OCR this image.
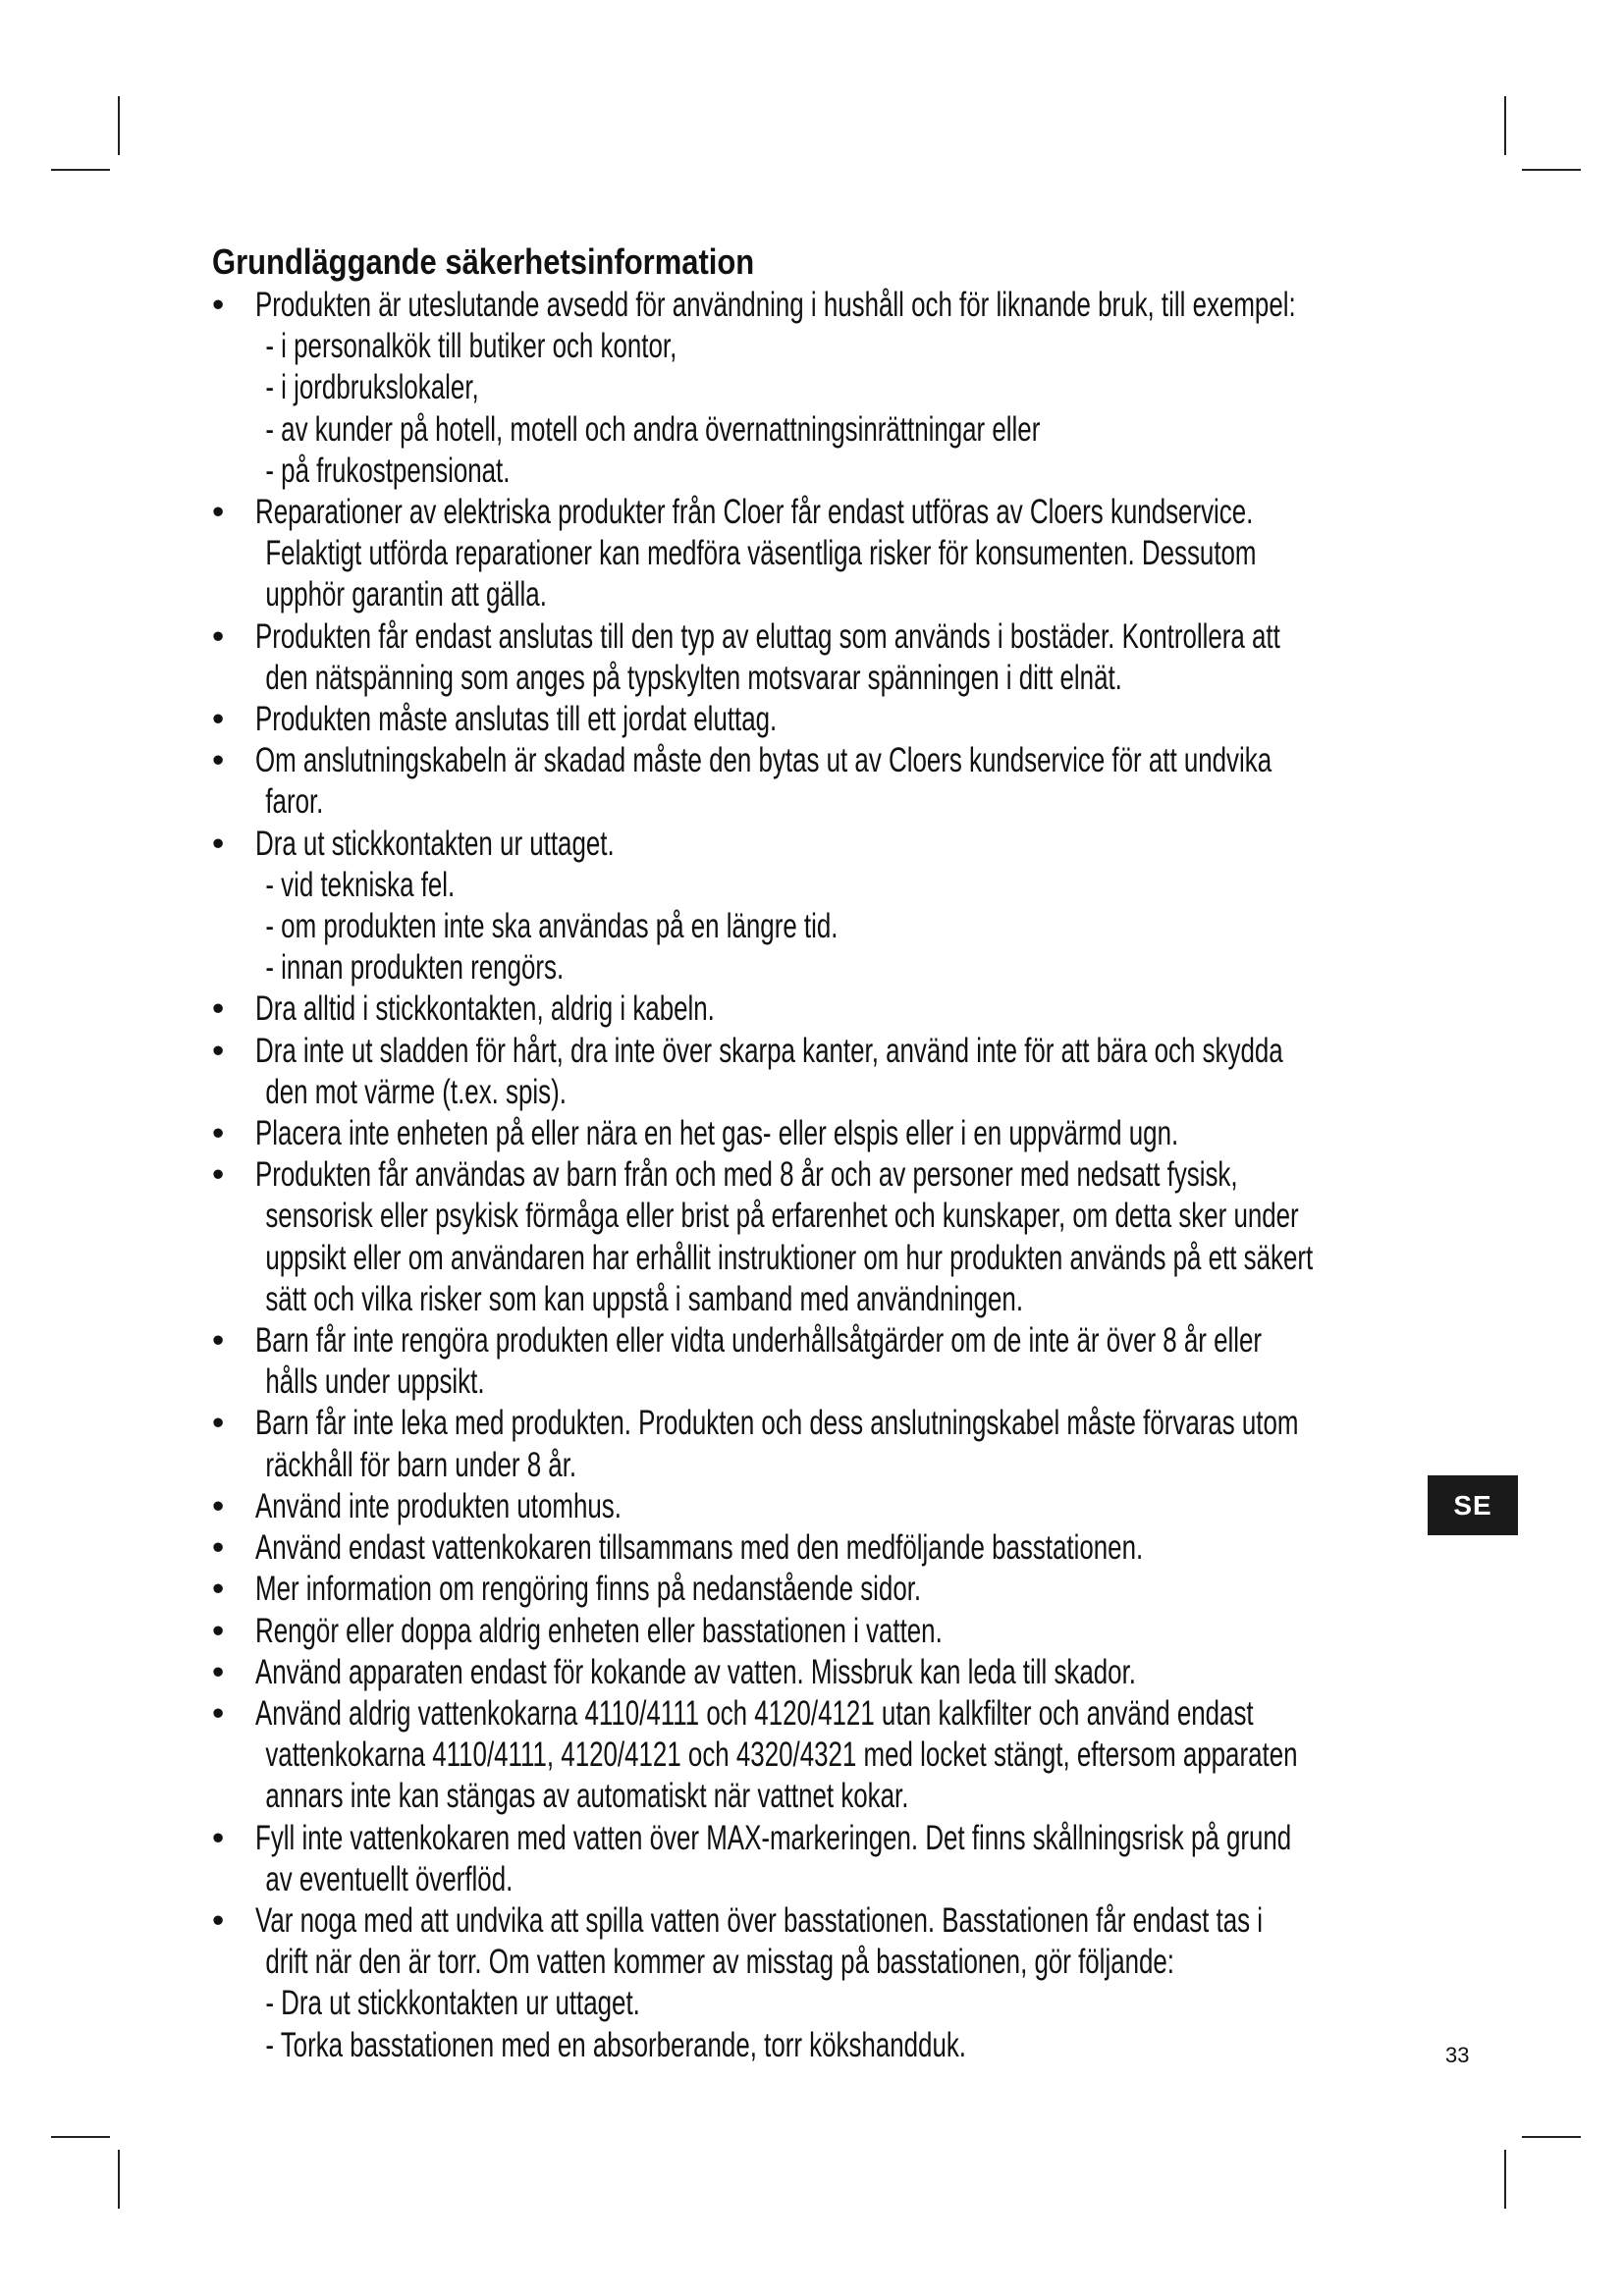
Grundläggande säkerhetsinformation
• Produkten är uteslutande avsedd för användning i hushåll och för liknande bruk, till exempel:
- i personalkök till butiker och kontor,
- i jordbrukslokaler,
- av kunder på hotell, motell och andra övernattningsinrättningar eller
- på frukostpensionat.
• Reparationer av elektriska produkter från Cloer får endast utföras av Cloers kundservice.
Felaktigt utförda reparationer kan medföra väsentliga risker för konsumenten. Dessutom
upphör garantin att gälla.
• Produkten får endast anslutas till den typ av eluttag som används i bostäder. Kontrollera att
den nätspänning som anges på typskylten motsvarar spänningen i ditt elnät.
• Produkten måste anslutas till ett jordat eluttag.
• Om anslutningskabeln är skadad måste den bytas ut av Cloers kundservice för att undvika
faror.
• Dra ut stickkontakten ur uttaget.
- vid tekniska fel.
- om produkten inte ska användas på en längre tid.
- innan produkten rengörs.
• Dra alltid i stickkontakten, aldrig i kabeln.
• Dra inte ut sladden för hårt, dra inte över skarpa kanter, använd inte för att bära och skydda
den mot värme (t.ex. spis).
• Placera inte enheten på eller nära en het gas- eller elspis eller i en uppvärmd ugn.
• Produkten får användas av barn från och med 8 år och av personer med nedsatt fysisk,
sensorisk eller psykisk förmåga eller brist på erfarenhet och kunskaper, om detta sker under
uppsikt eller om användaren har erhållit instruktioner om hur produkten används på ett säkert
sätt och vilka risker som kan uppstå i samband med användningen.
• Barn får inte rengöra produkten eller vidta underhållsåtgärder om de inte är över 8 år eller
hålls under uppsikt.
• Barn får inte leka med produkten. Produkten och dess anslutningskabel måste förvaras utom
räckhåll för barn under 8 år.
• Använd inte produkten utomhus.
• Använd endast vattenkokaren tillsammans med den medföljande basstationen.
• Mer information om rengöring finns på nedanstående sidor.
• Rengör eller doppa aldrig enheten eller basstationen i vatten.
• Använd apparaten endast för kokande av vatten. Missbruk kan leda till skador.
• Använd aldrig vattenkokarna 4110/4111 och 4120/4121 utan kalkfilter och använd endast
vattenkokarna 4110/4111, 4120/4121 och 4320/4321 med locket stängt, eftersom apparaten
annars inte kan stängas av automatiskt när vattnet kokar.
• Fyll inte vattenkokaren med vatten över MAX-markeringen. Det finns skållningsrisk på grund
av eventuellt överflöd.
• Var noga med att undvika att spilla vatten över basstationen. Basstationen får endast tas i
drift när den är torr. Om vatten kommer av misstag på basstationen, gör följande:
- Dra ut stickkontakten ur uttaget.
- Torka basstationen med en absorberande, torr kökshandduk.
SE
33
